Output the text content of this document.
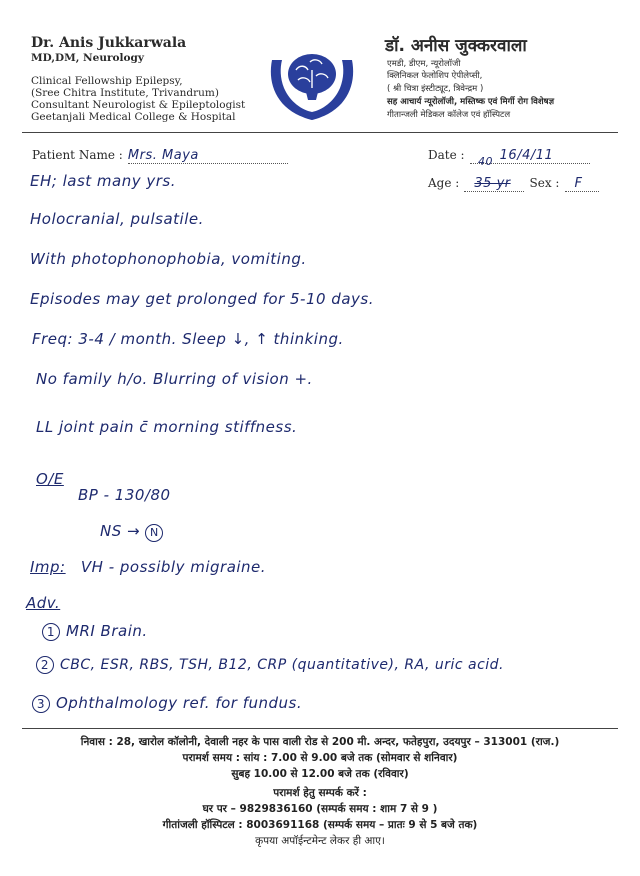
Dr. Anis Jukkarwala
MD,DM, Neurology
Clinical Fellowship Epilepsy,
(Sree Chitra Institute, Trivandrum)
Consultant Neurologist & Epileptologist
Geetanjali Medical College & Hospital
डॉ. अनीस जुक्करवाला
एमडी, डीएम, न्यूरोलॉजी
क्लिनिकल फेलोशिप ऐपीलेप्सी,
( श्री चित्रा इंस्टीट्यूट, त्रिवेन्द्रम )
सह आचार्य न्यूरोलॉजी, मस्तिष्क एवं मिर्गी रोग विशेषज्ञ
गीतान्जली मेडिकल कॉलेज एवं हॉस्पिटल
Patient Name : Mrs. Maya	Date :	16/4/11
40
Age : 35 yr Sex : F
EH; last many yrs.
Holocranial, pulsatile.
With photophonophobia, vomiting.
Episodes may get prolonged for 5-10 days.
Freq: 3-4 / month. Sleep ↓, ↑ thinking.
No family h/o. Blurring of vision +.
LL joint pain c̄ morning stiffness.
O/E
BP - 130/80
NS → N
Imp: VH - possibly migraine.
Adv.
1 MRI Brain.
2 CBC, ESR, RBS, TSH, B12, CRP (quantitative), RA, uric acid.
3 Ophthalmology ref. for fundus.
निवास : 28, खारोल कॉलोनी, देवाली नहर के पास वाली रोड से 200 मी. अन्दर, फतेहपुरा, उदयपुर – 313001 (राज.)
परामर्श समय : सांय : 7.00 से 9.00 बजे तक (सोमवार से शनिवार)
सुबह 10.00 से 12.00 बजे तक (रविवार)
परामर्श हेतु सम्पर्क करें :
घर पर – 9829836160 (सम्पर्क समय : शाम 7 से 9 )
गीतांजली हॉस्पिटल : 8003691168 (सम्पर्क समय – प्रातः 9 से 5 बजे तक)
कृपया अपॉईन्टमेन्ट लेकर ही आए।
